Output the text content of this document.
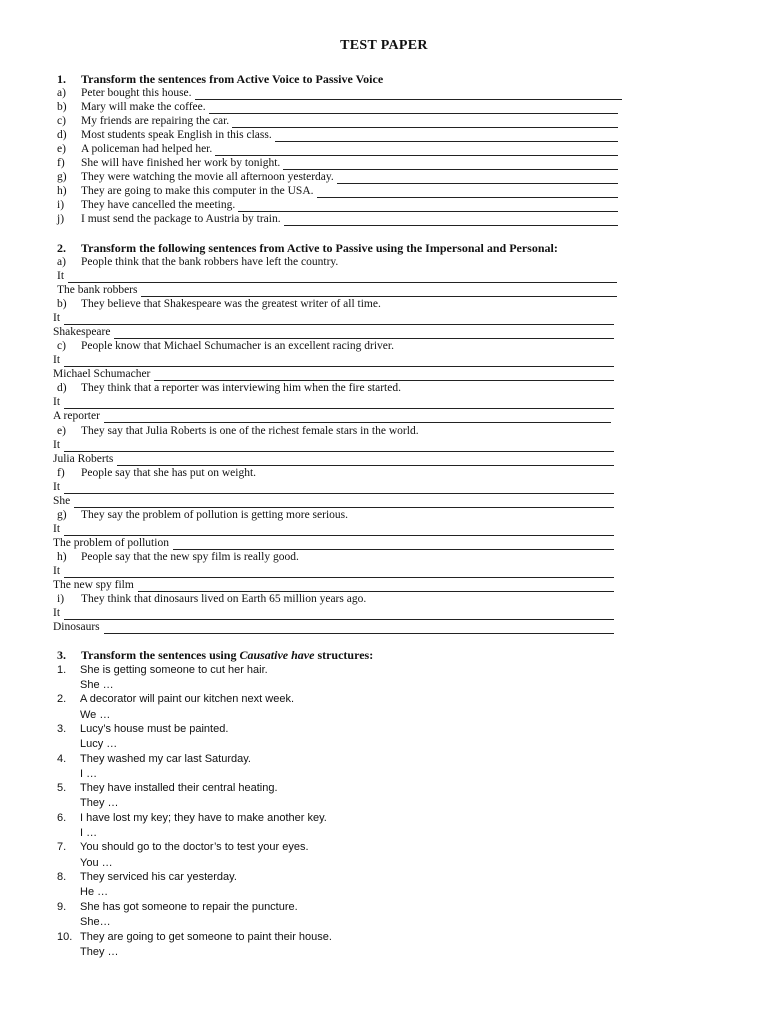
TEST PAPER
1. Transform the sentences from Active Voice to Passive Voice
a)	Peter bought this house.
b)	Mary will make the coffee.
c)	My friends are repairing the car.
d)	Most students speak English in this class.
e)	A policeman had helped her.
f)	She will have finished her work by tonight.
g)	They were watching the movie all afternoon yesterday.
h)	They are going to make this computer in the USA.
i)	They have cancelled the meeting.
j)	I must send the package to Austria by train.
2. Transform the following sentences from Active to Passive using the Impersonal and Personal:
a)	People think that the bank robbers have left the country.
It
The bank robbers
b)	They believe that Shakespeare was the greatest writer of all time.
It
Shakespeare
c)	People know that Michael Schumacher is an excellent racing driver.
It
Michael Schumacher
d)	They think that a reporter was interviewing him when the fire started.
It
A reporter
e)	They say that Julia Roberts is one of the richest female stars in the world.
It
Julia Roberts
f)	People say that she has put on weight.
It
She
g)	They say the problem of pollution is getting more serious.
It
The problem of pollution
h)	People say that the new spy film is really good.
It
The new spy film
i)	They think that dinosaurs lived on Earth 65 million years ago.
It
Dinosaurs
3. Transform the sentences using Causative have structures:
1. She is getting someone to cut her hair.
She …
2. A decorator will paint our kitchen next week.
We …
3. Lucy’s house must be painted.
Lucy …
4. They washed my car last Saturday.
I …
5. They have installed their central heating.
They …
6. I have lost my key; they have to make another key.
I …
7. You should go to the doctor’s to test your eyes.
You …
8. They serviced his car yesterday.
He …
9. She has got someone to repair the puncture.
She…
10. They are going to get someone to paint their house.
They …
